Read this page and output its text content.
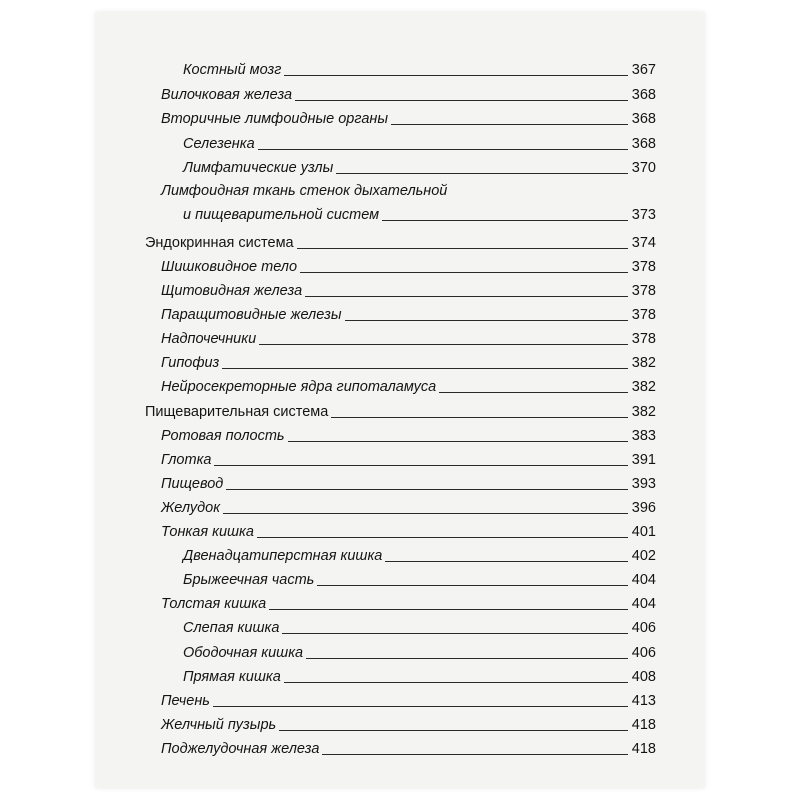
Костный мозг	367
Вилочковая железа	368
Вторичные лимфоидные органы	368
Селезенка	368
Лимфатические узлы	370
Лимфоидная ткань стенок дыхательной
и пищеварительной систем	373
Эндокринная система	374
Шишковидное тело	378
Щитовидная железа	378
Паращитовидные железы	378
Надпочечники	378
Гипофиз	382
Нейросекреторные ядра гипоталамуса	382
Пищеварительная система	382
Ротовая полость	383
Глотка	391
Пищевод	393
Желудок	396
Тонкая кишка	401
Двенадцатиперстная кишка	402
Брыжеечная часть	404
Толстая кишка	404
Слепая кишка	406
Ободочная кишка	406
Прямая кишка	408
Печень	413
Желчный пузырь	418
Поджелудочная железа	418
